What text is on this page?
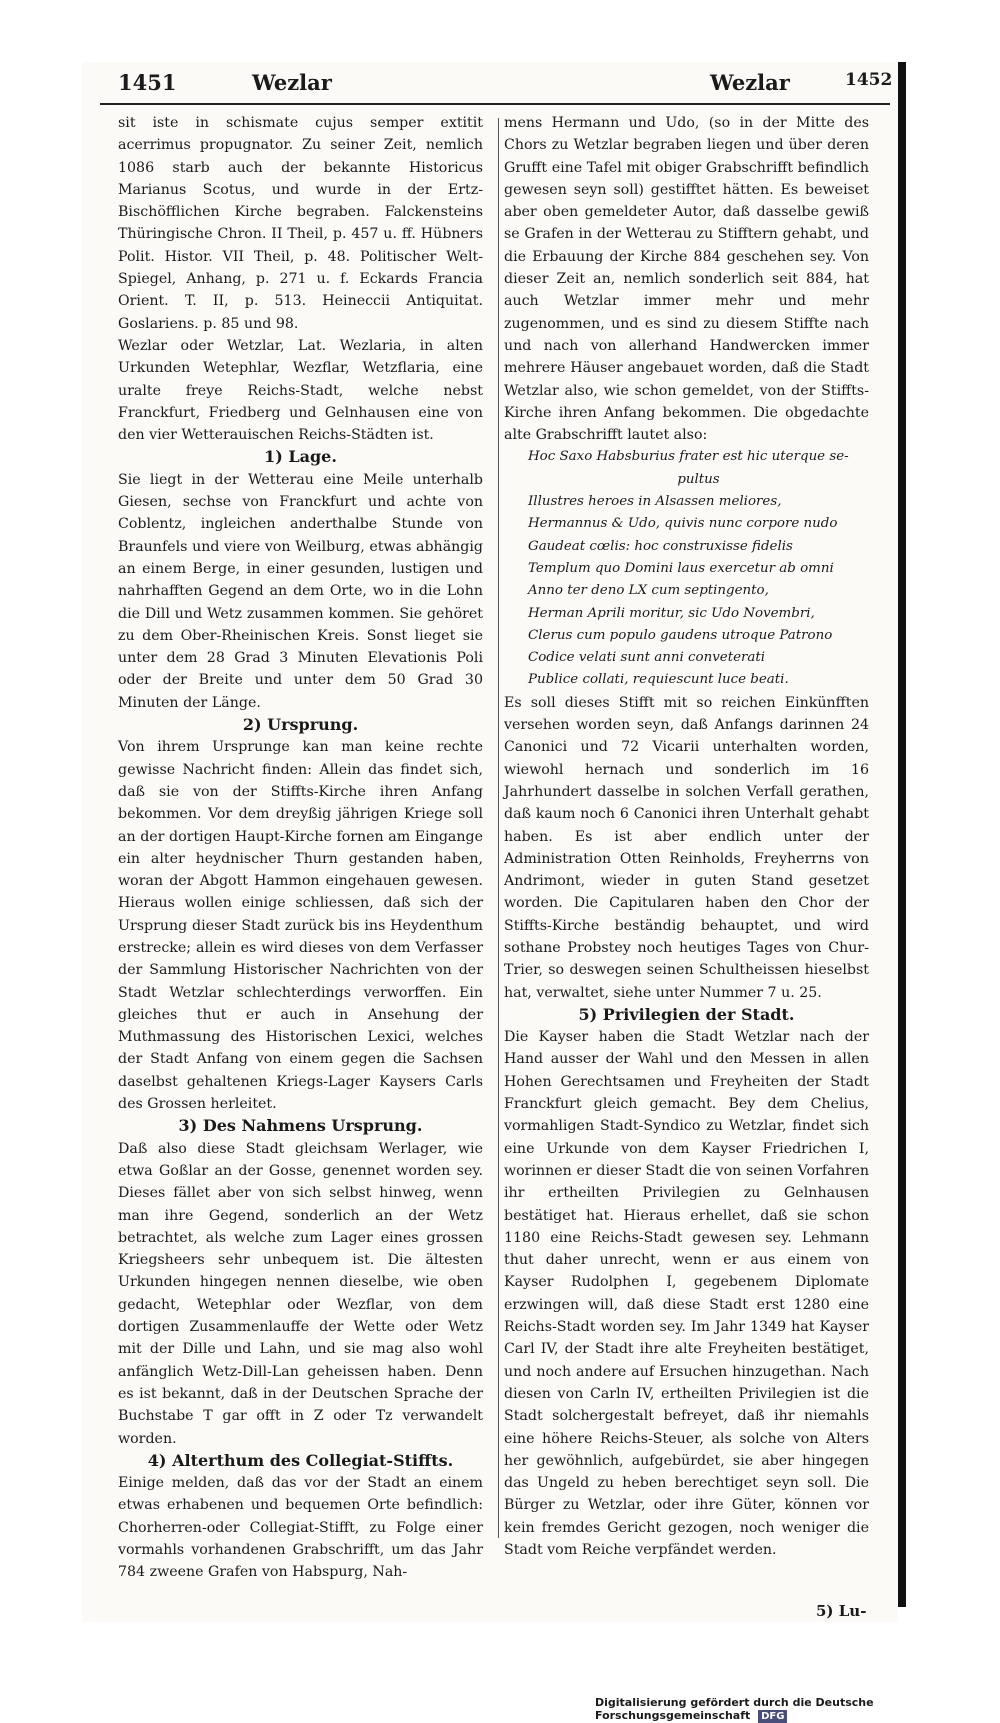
1451	Wezlar	Wezlar	1452

sit iste in schismate cujus semper extitit acerrimus propugnator. Zu seiner Zeit, nemlich 1086 starb auch der bekannte Historicus Marianus Scotus, und wurde in der Ertz-Bischöfflichen Kirche begraben. Falckensteins Thüringische Chron. II Theil, p. 457 u. ff. Hübners Polit. Histor. VII Theil, p. 48. Politischer Welt-Spiegel, Anhang, p. 271 u. f. Eckards Francia Orient. T. II, p. 513. Heineccii Antiquitat. Goslariens. p. 85 und 98.

Wezlar oder Wetzlar, Lat. Wezlaria, in alten Urkunden Wetephlar, Wezflar, Wetzflaria, eine uralte freye Reichs-Stadt, welche nebst Franckfurt, Friedberg und Gelnhausen eine von den vier Wetterauischen Reichs-Städten ist.

1) Lage.

Sie liegt in der Wetterau eine Meile unterhalb Giesen, sechse von Franckfurt und achte von Coblentz, ingleichen anderthalbe Stunde von Braunfels und viere von Weilburg, etwas abhängig an einem Berge, in einer gesunden, lustigen und nahrhafften Gegend an dem Orte, wo in die Lohn die Dill und Wetz zusammen kommen. Sie gehöret zu dem Ober-Rheinischen Kreis. Sonst lieget sie unter dem 28 Grad 3 Minuten Elevationis Poli oder der Breite und unter dem 50 Grad 30 Minuten der Länge.

2) Ursprung.

Von ihrem Ursprunge kan man keine rechte gewisse Nachricht finden: Allein das findet sich, daß sie von der Stiffts-Kirche ihren Anfang bekommen. Vor dem dreyßig jährigen Kriege soll an der dortigen Haupt-Kirche fornen am Eingange ein alter heydnischer Thurn gestanden haben, woran der Abgott Hammon eingehauen gewesen. Hieraus wollen einige schliessen, daß sich der Ursprung dieser Stadt zurück bis ins Heydenthum erstrecke; allein es wird dieses von dem Verfasser der Sammlung Historischer Nachrichten von der Stadt Wetzlar schlechterdings verworffen. Ein gleiches thut er auch in Ansehung der Muthmassung des Historischen Lexici, welches der Stadt Anfang von einem gegen die Sachsen daselbst gehaltenen Kriegs-Lager Kaysers Carls des Grossen herleitet.

3) Des Nahmens Ursprung.

Daß also diese Stadt gleichsam Werlager, wie etwa Goßlar an der Gosse, genennet worden sey. Dieses fället aber von sich selbst hinweg, wenn man ihre Gegend, sonderlich an der Wetz betrachtet, als welche zum Lager eines grossen Kriegsheers sehr unbequem ist. Die ältesten Urkunden hingegen nennen dieselbe, wie oben gedacht, Wetephlar oder Wezflar, von dem dortigen Zusammenlauffe der Wette oder Wetz mit der Dille und Lahn, und sie mag also wohl anfänglich Wetz-Dill-Lan geheissen haben. Denn es ist bekannt, daß in der Deutschen Sprache der Buchstabe T gar offt in Z oder Tz verwandelt worden.

4) Alterthum des Collegiat-Stiffts.

Einige melden, daß das vor der Stadt an einem etwas erhabenen und bequemen Orte befindlich: Chorherren-oder Collegiat-Stifft, zu Folge einer vormahls vorhandenen Grabschrifft, um das Jahr 784 zweene Grafen von Habspurg, Nah-

mens Hermann und Udo, (so in der Mitte des Chors zu Wetzlar begraben liegen und über deren Grufft eine Tafel mit obiger Grabschrifft befindlich gewesen seyn soll) gestifftet hätten. Es beweiset aber oben gemeldeter Autor, daß dasselbe gewiß se Grafen in der Wetterau zu Stifftern gehabt, und die Erbauung der Kirche 884 geschehen sey. Von dieser Zeit an, nemlich sonderlich seit 884, hat auch Wetzlar immer mehr und mehr zugenommen, und es sind zu diesem Stiffte nach und nach von allerhand Handwercken immer mehrere Häuser angebauet worden, daß die Stadt Wetzlar also, wie schon gemeldet, von der Stiffts-Kirche ihren Anfang bekommen. Die obgedachte alte Grabschrifft lautet also:

Hoc Saxo Habsburius frater est hic uterque se-

pultus

Illustres heroes in Alsassen meliores,

Hermannus & Udo, quivis nunc corpore nudo

Gaudeat cœlis: hoc construxisse fidelis

Templum quo Domini laus exercetur ab omni

Anno ter deno LX cum septingento,

Herman Aprili moritur, sic Udo Novembri,

Clerus cum populo gaudens utroque Patrono

Codice velati sunt anni conveterati

Publice collati, requiescunt luce beati.

Es soll dieses Stifft mit so reichen Einkünfften versehen worden seyn, daß Anfangs darinnen 24 Canonici und 72 Vicarii unterhalten worden, wiewohl hernach und sonderlich im 16 Jahrhundert dasselbe in solchen Verfall gerathen, daß kaum noch 6 Canonici ihren Unterhalt gehabt haben. Es ist aber endlich unter der Administration Otten Reinholds, Freyherrns von Andrimont, wieder in guten Stand gesetzet worden. Die Capitularen haben den Chor der Stiffts-Kirche beständig behauptet, und wird sothane Probstey noch heutiges Tages von Chur-Trier, so deswegen seinen Schultheissen hieselbst hat, verwaltet, siehe unter Nummer 7 u. 25.

5) Privilegien der Stadt.

Die Kayser haben die Stadt Wetzlar nach der Hand ausser der Wahl und den Messen in allen Hohen Gerechtsamen und Freyheiten der Stadt Franckfurt gleich gemacht. Bey dem Chelius, vormahligen Stadt-Syndico zu Wetzlar, findet sich eine Urkunde von dem Kayser Friedrichen I, worinnen er dieser Stadt die von seinen Vorfahren ihr ertheilten Privilegien zu Gelnhausen bestätiget hat. Hieraus erhellet, daß sie schon 1180 eine Reichs-Stadt gewesen sey. Lehmann thut daher unrecht, wenn er aus einem von Kayser Rudolphen I, gegebenem Diplomate erzwingen will, daß diese Stadt erst 1280 eine Reichs-Stadt worden sey. Im Jahr 1349 hat Kayser Carl IV, der Stadt ihre alte Freyheiten bestätiget, und noch andere auf Ersuchen hinzugethan. Nach diesen von Carln IV, ertheilten Privilegien ist die Stadt solchergestalt befreyet, daß ihr niemahls eine höhere Reichs-Steuer, als solche von Alters her gewöhnlich, aufgebürdet, sie aber hingegen das Ungeld zu heben berechtiget seyn soll. Die Bürger zu Wetzlar, oder ihre Güter, können vor kein fremdes Gericht gezogen, noch weniger die Stadt vom Reiche verpfändet werden.

5) Lu-
Digitalisierung gefördert durch die Deutsche Forschungsgemeinschaft DFG
